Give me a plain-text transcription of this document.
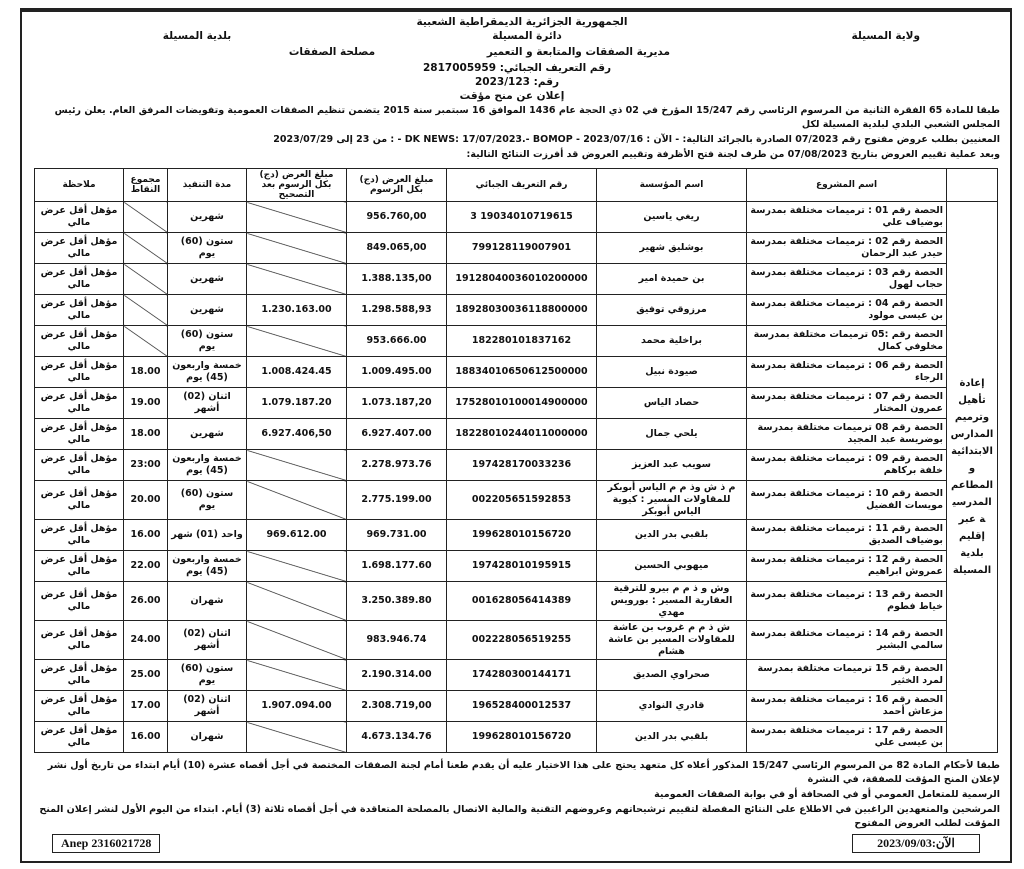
الجمهورية الجزائرية الديمقراطية الشعبية
ولاية المسيلة
دائرة المسيلة
بلدية المسيلة
مديرية الصفقات والمتابعة و التعمير
مصلحة الصفقات
رقم التعريف الجبائي: 2817005959
رقم: 2023/123
إعلان عن منح مؤقت
طبقا للمادة 65 الفقرة الثانية من المرسوم الرئاسي رقم 15/247 المؤرخ في 02 ذي الحجة عام 1436 الموافق 16 سبتمبر سنة 2015 يتضمن تنظيم الصفقات العمومية وتفويضات المرفق العام. يعلن رئيس المجلس الشعبي البلدي لبلدية المسيلة لكل
المعنيين بطلب عروض مفتوح رقم 07/2023 الصادرة بالجرائد التالية: - الآن : 2023/07/16 - DK NEWS: 17/07/2023.- BOMOP - : من 23 إلى 2023/07/29
وبعد عملية تقييم العروض بتاريخ 07/08/2023 من طرف لجنة فتح الأظرفة وتقييم العروض قد أفرزت النتائج التالية:
	اسم المشروع	اسم المؤسسة	رقم التعريف الجبائي	مبلغ العرض (دج) بكل الرسوم	مبلغ العرض (دج) بكل الرسوم بعد التصحيح	مدة التنفيذ	مجموع النقاط	ملاحظة
إعادة تأهيل وترميم المدارس الابتدائية و المطاعم المدرسية عبر إقليم بلدية المسيلة	الحصة رقم 01 : ترميمات مختلفة بمدرسة بوضياف علي	ريغي ياسين	19034010719615 3	956.760,00		شهرين		مؤهل أقل عرض مالي
	الحصة رقم 02 : ترميمات مختلفة بمدرسة حيدر عبد الرحمان	بوشليق شهير	799128119007901	849.065,00		ستون (60) يوم		مؤهل أقل عرض مالي
	الحصة رقم 03 : ترميمات مختلفة بمدرسة حجاب لهول	بن حميدة امير	19128040036010200000	1.388.135,00		شهرين		مؤهل أقل عرض مالي
	الحصة رقم 04 : ترميمات مختلفة بمدرسة بن عيسى مولود	مرزوقي توفيق	18928030036118800000	1.298.588,93	1.230.163.00	شهرين		مؤهل أقل عرض مالي
	الحصة رقم :05 ترميمات مختلفة بمدرسة مخلوفي كمال	براخلية محمد	182280101837162	953.666.00		ستون (60) يوم		مؤهل أقل عرض مالي
	الحصة رقم 06 : ترميمات مختلفة بمدرسة الرجاء	صيودة نبيل	18834010650612500000	1.009.495.00	1.008.424.45	خمسة واربعون (45) يوم	18.00	مؤهل أقل عرض مالي
	الحصة رقم 07 : ترميمات مختلفة بمدرسة عمرون المختار	حصاد الياس	17528010100014900000	1.073.187,20	1.079.187.20	اثنان (02) أشهر	19.00	مؤهل أقل عرض مالي
	الحصة رقم 08 ترميمات مختلفة بمدرسة بوضريسة عبد المجيد	يلحي جمال	18228010244011000000	6.927.407.00	6.927.406,50	شهرين	18.00	مؤهل أقل عرض مالي
	الحصة رقم 09 : ترميمات مختلفة بمدرسة خلفة بركاهم	سويب عبد العزيز	197428170033236	2.278.973.76		خمسة واربعون (45) يوم	23:00	مؤهل أقل عرض مالي
	الحصة رقم 10 : ترميمات مختلفة بمدرسة مويسات الفضيل	م ذ ش وذ م م الياس أبوبكر للمقاولات المسير : كيوية الياس أبوبكر	002205651592853	2.775.199.00		ستون (60) يوم	20.00	مؤهل أقل عرض مالي
	الحصة رقم 11 : ترميمات مختلفة بمدرسة بوضياف الصديق	بلقبي بدر الدين	199628010156720	969.731.00	969.612.00	واحد (01) شهر	16.00	مؤهل أقل عرض مالي
	الحصة رقم 12 : ترميمات مختلفة بمدرسة عمروش ابراهيم	ميهوبي الحسين	197428010195915	1.698.177.60		خمسة واربعون (45) يوم	22.00	مؤهل أقل عرض مالي
	الحصة رقم 13 : ترميمات مختلفة بمدرسة خياط فطوم	وش و ذ م م بيرو للترقية العقارية المسير : بورويس مهدي	001628056414389	3.250.389.80		شهران	26.00	مؤهل أقل عرض مالي
	الحصة رقم 14 : ترميمات مختلفة بمدرسة سالمي البشير	ش ذ م م غروب بن عاشة للمقاولات المسير بن عاشة هشام	002228056519255	983.946.74		اثنان (02) أشهر	24.00	مؤهل أقل عرض مالي
	الحصة رقم 15 ترميمات مختلفة بمدرسة لمرد الخثير	صحراوي الصديق	174280300144171	2.190.314.00		ستون (60) يوم	25.00	مؤهل أقل عرض مالي
	الحصة رقم 16 : ترميمات مختلفة بمدرسة مزعاش أحمد	قادري النوادي	196528400012537	2.308.719,00	1.907.094.00	اثنان (02) أشهر	17.00	مؤهل أقل عرض مالي
	الحصة رقم 17 : ترميمات مختلفة بمدرسة بن عيسى علي	بلقبي بدر الدين	199628010156720	4.673.134.76		شهران	16.00	مؤهل أقل عرض مالي
طبقا لأحكام المادة 82 من المرسوم الرئاسي 15/247 المذكور أعلاه كل متعهد يحتج على هذا الاختيار عليه أن يقدم طعنا أمام لجنة الصفقات المختصة في أجل أقصاه عشرة (10) أيام ابتداء من تاريخ أول نشر لإعلان المنح المؤقت للصفقة، في النشرة
الرسمية للمتعامل العمومي أو في الصحافة أو في بوابة الصفقات العمومية
المرشحين والمتعهدين الراغبين في الاطلاع على النتائج المفصلة لتقييم ترشيحاتهم وعروضهم التقنية والمالية الاتصال بالمصلحة المتعاقدة في أجل أقصاه ثلاثة (3) أيام. ابتداء من اليوم الأول لنشر إعلان المنح المؤقت لطلب العروض المفتوح
Anep 2316021728	الآن:2023/09/03
